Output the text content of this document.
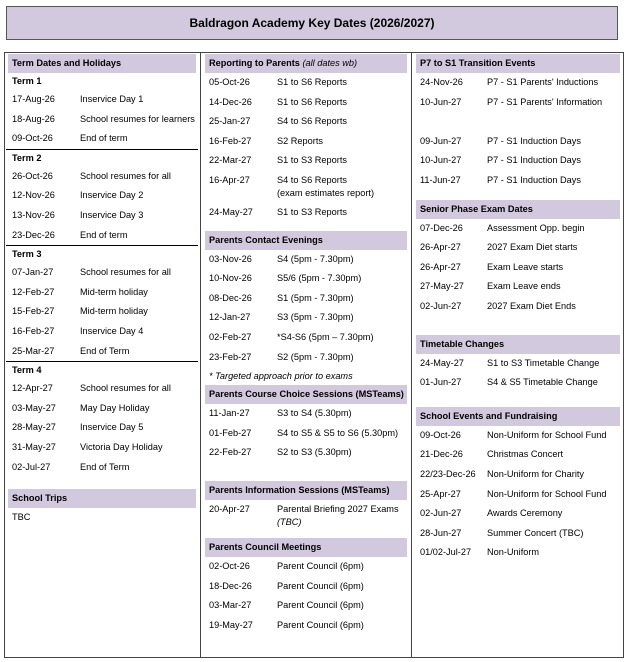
Baldragon Academy Key Dates (2026/2027)
Term Dates and Holidays
Term 1
17-Aug-26	Inservice Day 1
18-Aug-26	School resumes for learners
09-Oct-26	End of term
Term 2
26-Oct-26	School resumes for all
12-Nov-26	Inservice Day 2
13-Nov-26	Inservice Day 3
23-Dec-26	End of term
Term 3
07-Jan-27	School resumes for all
12-Feb-27	Mid-term holiday
15-Feb-27	Mid-term holiday
16-Feb-27	Inservice Day 4
25-Mar-27	End of Term
Term 4
12-Apr-27	School resumes for all
03-May-27	May Day Holiday
28-May-27	Inservice Day 5
31-May-27	Victoria Day Holiday
02-Jul-27	End of Term
School Trips
TBC
Reporting to Parents (all dates wb)
05-Oct-26	S1 to S6 Reports
14-Dec-26	S1 to S6 Reports
25-Jan-27	S4 to S6 Reports
16-Feb-27	S2 Reports
22-Mar-27	S1 to S3 Reports
16-Apr-27	S4 to S6 Reports
(exam estimates report)
24-May-27	S1 to S3 Reports
Parents Contact Evenings
03-Nov-26	S4 (5pm - 7.30pm)
10-Nov-26	S5/6 (5pm - 7.30pm)
08-Dec-26	S1 (5pm - 7.30pm)
12-Jan-27	S3 (5pm - 7.30pm)
02-Feb-27	*S4-S6 (5pm – 7.30pm)
23-Feb-27	S2 (5pm - 7.30pm)
* Targeted approach prior to exams
Parents Course Choice Sessions (MSTeams)
11-Jan-27	S3 to S4 (5.30pm)
01-Feb-27	S4 to S5 & S5 to S6 (5.30pm)
22-Feb-27	S2 to S3 (5.30pm)
Parents Information Sessions (MSTeams)
20-Apr-27	Parental Briefing 2027 Exams
(TBC)
Parents Council Meetings
02-Oct-26	Parent Council (6pm)
18-Dec-26	Parent Council (6pm)
03-Mar-27	Parent Council (6pm)
19-May-27	Parent Council (6pm)
P7 to S1 Transition Events
24-Nov-26	P7 - S1 Parents' Inductions
10-Jun-27	P7 - S1 Parents' Information

09-Jun-27	P7 - S1 Induction Days
10-Jun-27	P7 - S1 Induction Days
11-Jun-27	P7 - S1 Induction Days
Senior Phase Exam Dates
07-Dec-26	Assessment Opp. begin
26-Apr-27	2027 Exam Diet starts
26-Apr-27	Exam Leave starts
27-May-27	Exam Leave ends
02-Jun-27	2027 Exam Diet Ends
Timetable Changes
24-May-27	S1 to S3 Timetable Change
01-Jun-27	S4 & S5 Timetable Change
School Events and Fundraising
09-Oct-26	Non-Uniform for School Fund
21-Dec-26	Christmas Concert
22/23-Dec-26	Non-Uniform for Charity
25-Apr-27	Non-Uniform for School Fund
02-Jun-27	Awards Ceremony
28-Jun-27	Summer Concert (TBC)
01/02-Jul-27	Non-Uniform
